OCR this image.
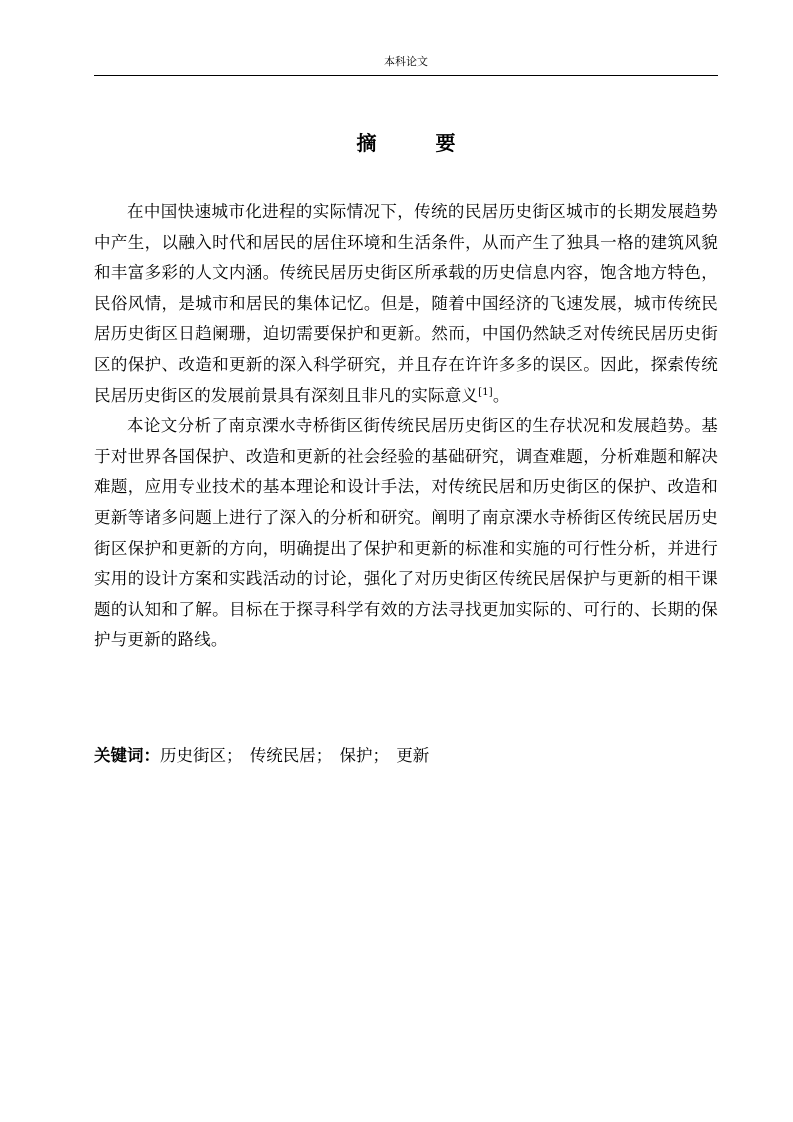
本科论文
摘 要

在中国快速城市化进程的实际情况下，传统的民居历史街区城市的长期发展趋势中产生，以融入时代和居民的居住环境和生活条件，从而产生了独具一格的建筑风貌和丰富多彩的人文内涵。传统民居历史街区所承载的历史信息内容，饱含地方特色，民俗风情，是城市和居民的集体记忆。但是，随着中国经济的飞速发展，城市传统民居历史街区日趋阑珊，迫切需要保护和更新。然而，中国仍然缺乏对传统民居历史街区的保护、改造和更新的深入科学研究，并且存在许许多多的误区。因此，探索传统民居历史街区的发展前景具有深刻且非凡的实际意义[1]。

本论文分析了南京溧水寺桥街区街传统民居历史街区的生存状况和发展趋势。基于对世界各国保护、改造和更新的社会经验的基础研究，调查难题，分析难题和解决难题，应用专业技术的基本理论和设计手法，对传统民居和历史街区的保护、改造和更新等诸多问题上进行了深入的分析和研究。阐明了南京溧水寺桥街区传统民居历史街区保护和更新的方向，明确提出了保护和更新的标准和实施的可行性分析，并进行实用的设计方案和实践活动的讨论，强化了对历史街区传统民居保护与更新的相干课题的认知和了解。目标在于探寻科学有效的方法寻找更加实际的、可行的、长期的保护与更新的路线。

关键词：历史街区； 传统民居； 保护； 更新
